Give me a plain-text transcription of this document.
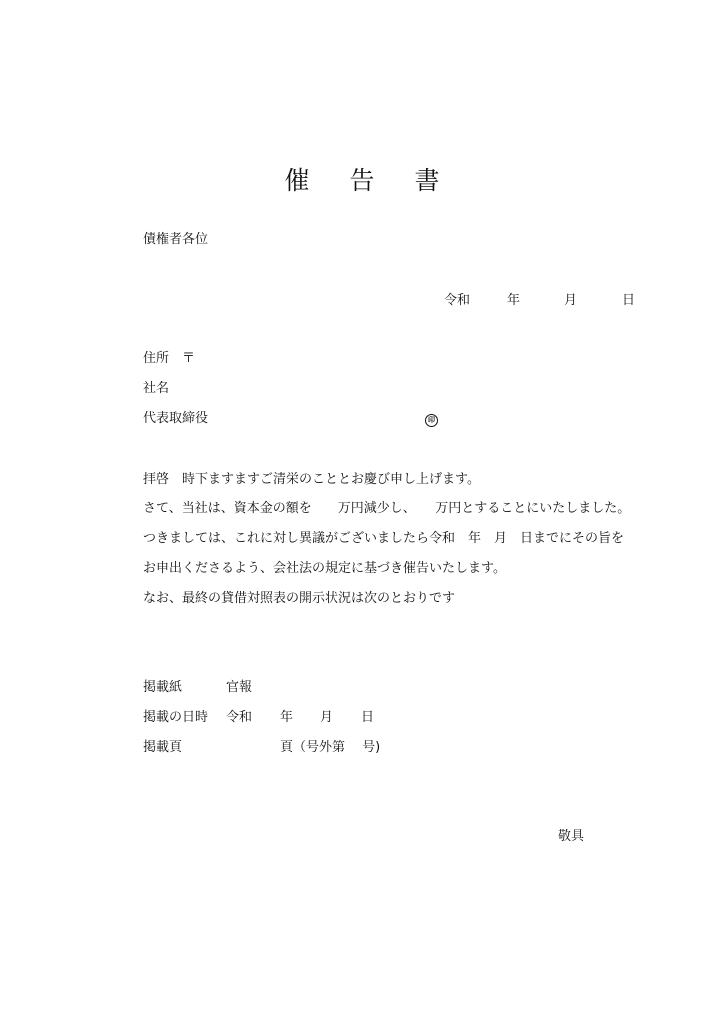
催 告 書
債権者各位
令和	年	月	日
住所 〒
社名
代表取締役	印
拝啓　時下ますますご清栄のこととお慶び申し上げます。
さて、当社は、資本金の額を　　万円減少し、　　万円とすることにいたしました。
つきましては、これに対し異議がございましたら令和　年　月　日までにその旨を
お申出くださるよう、会社法の規定に基づき催告いたします。
なお、最終の貸借対照表の開示状況は次のとおりです
掲載紙	官報
掲載の日時 令和 年 月 日
掲載頁	頁（号外第　 号)
敬具
